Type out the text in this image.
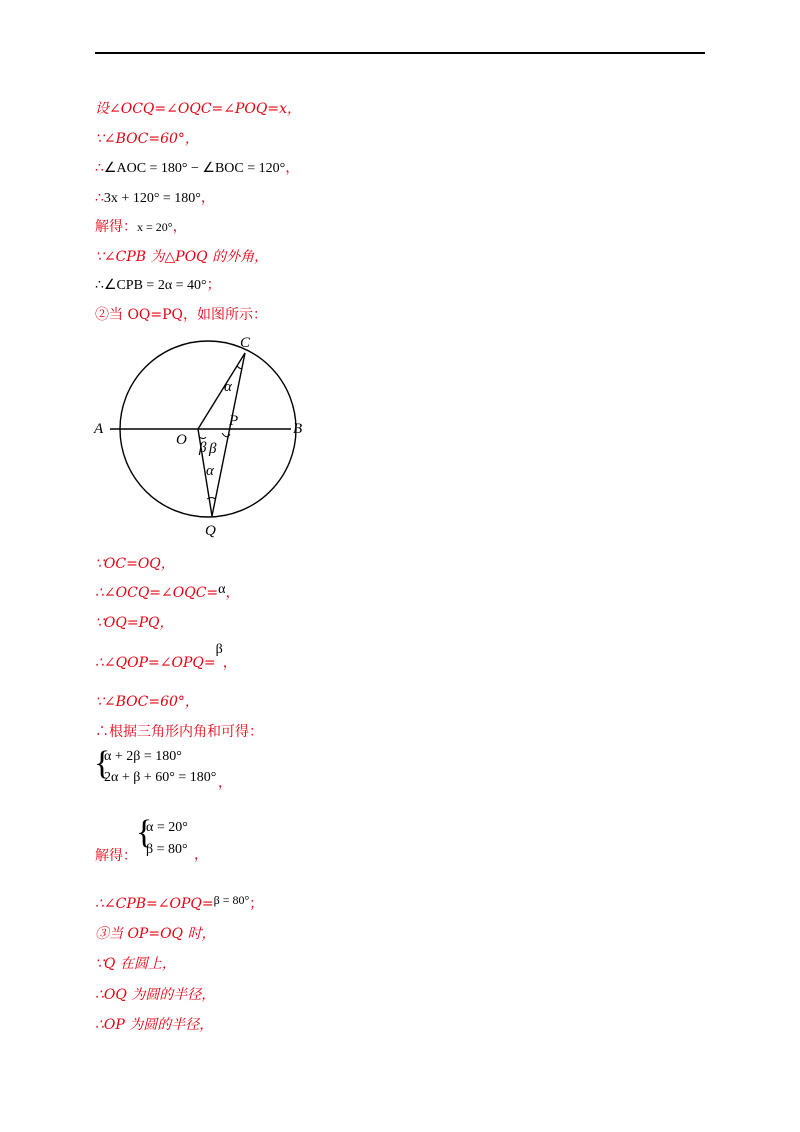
设∠OCQ=∠OQC=∠POQ=x，
∵∠BOC=60°，
∴∠AOC = 180° − ∠BOC = 120°，
∴3x + 120° = 180°，
解得：x = 20°，
∵∠CPB 为△POQ 的外角，
∴∠CPB = 2α = 40°；
②当 OQ=PQ，如图所示：
A	B
C
O
P
Q
α
β β
α
∵OC=OQ，
∴∠OCQ=∠OQC=α，
∵OQ=PQ，
∴∠QOP=∠OPQ=β，
∵∠BOC=60°，
∴根据三角形内角和可得：
{
α + 2β = 180°
2α + β + 60° = 180° ，
{
α = 20°
β = 80°
解得：	，
∴∠CPB=∠OPQ=β = 80°；
③当 OP=OQ 时，
∵Q 在圆上，
∴OQ 为圆的半径，
∴OP 为圆的半径，
